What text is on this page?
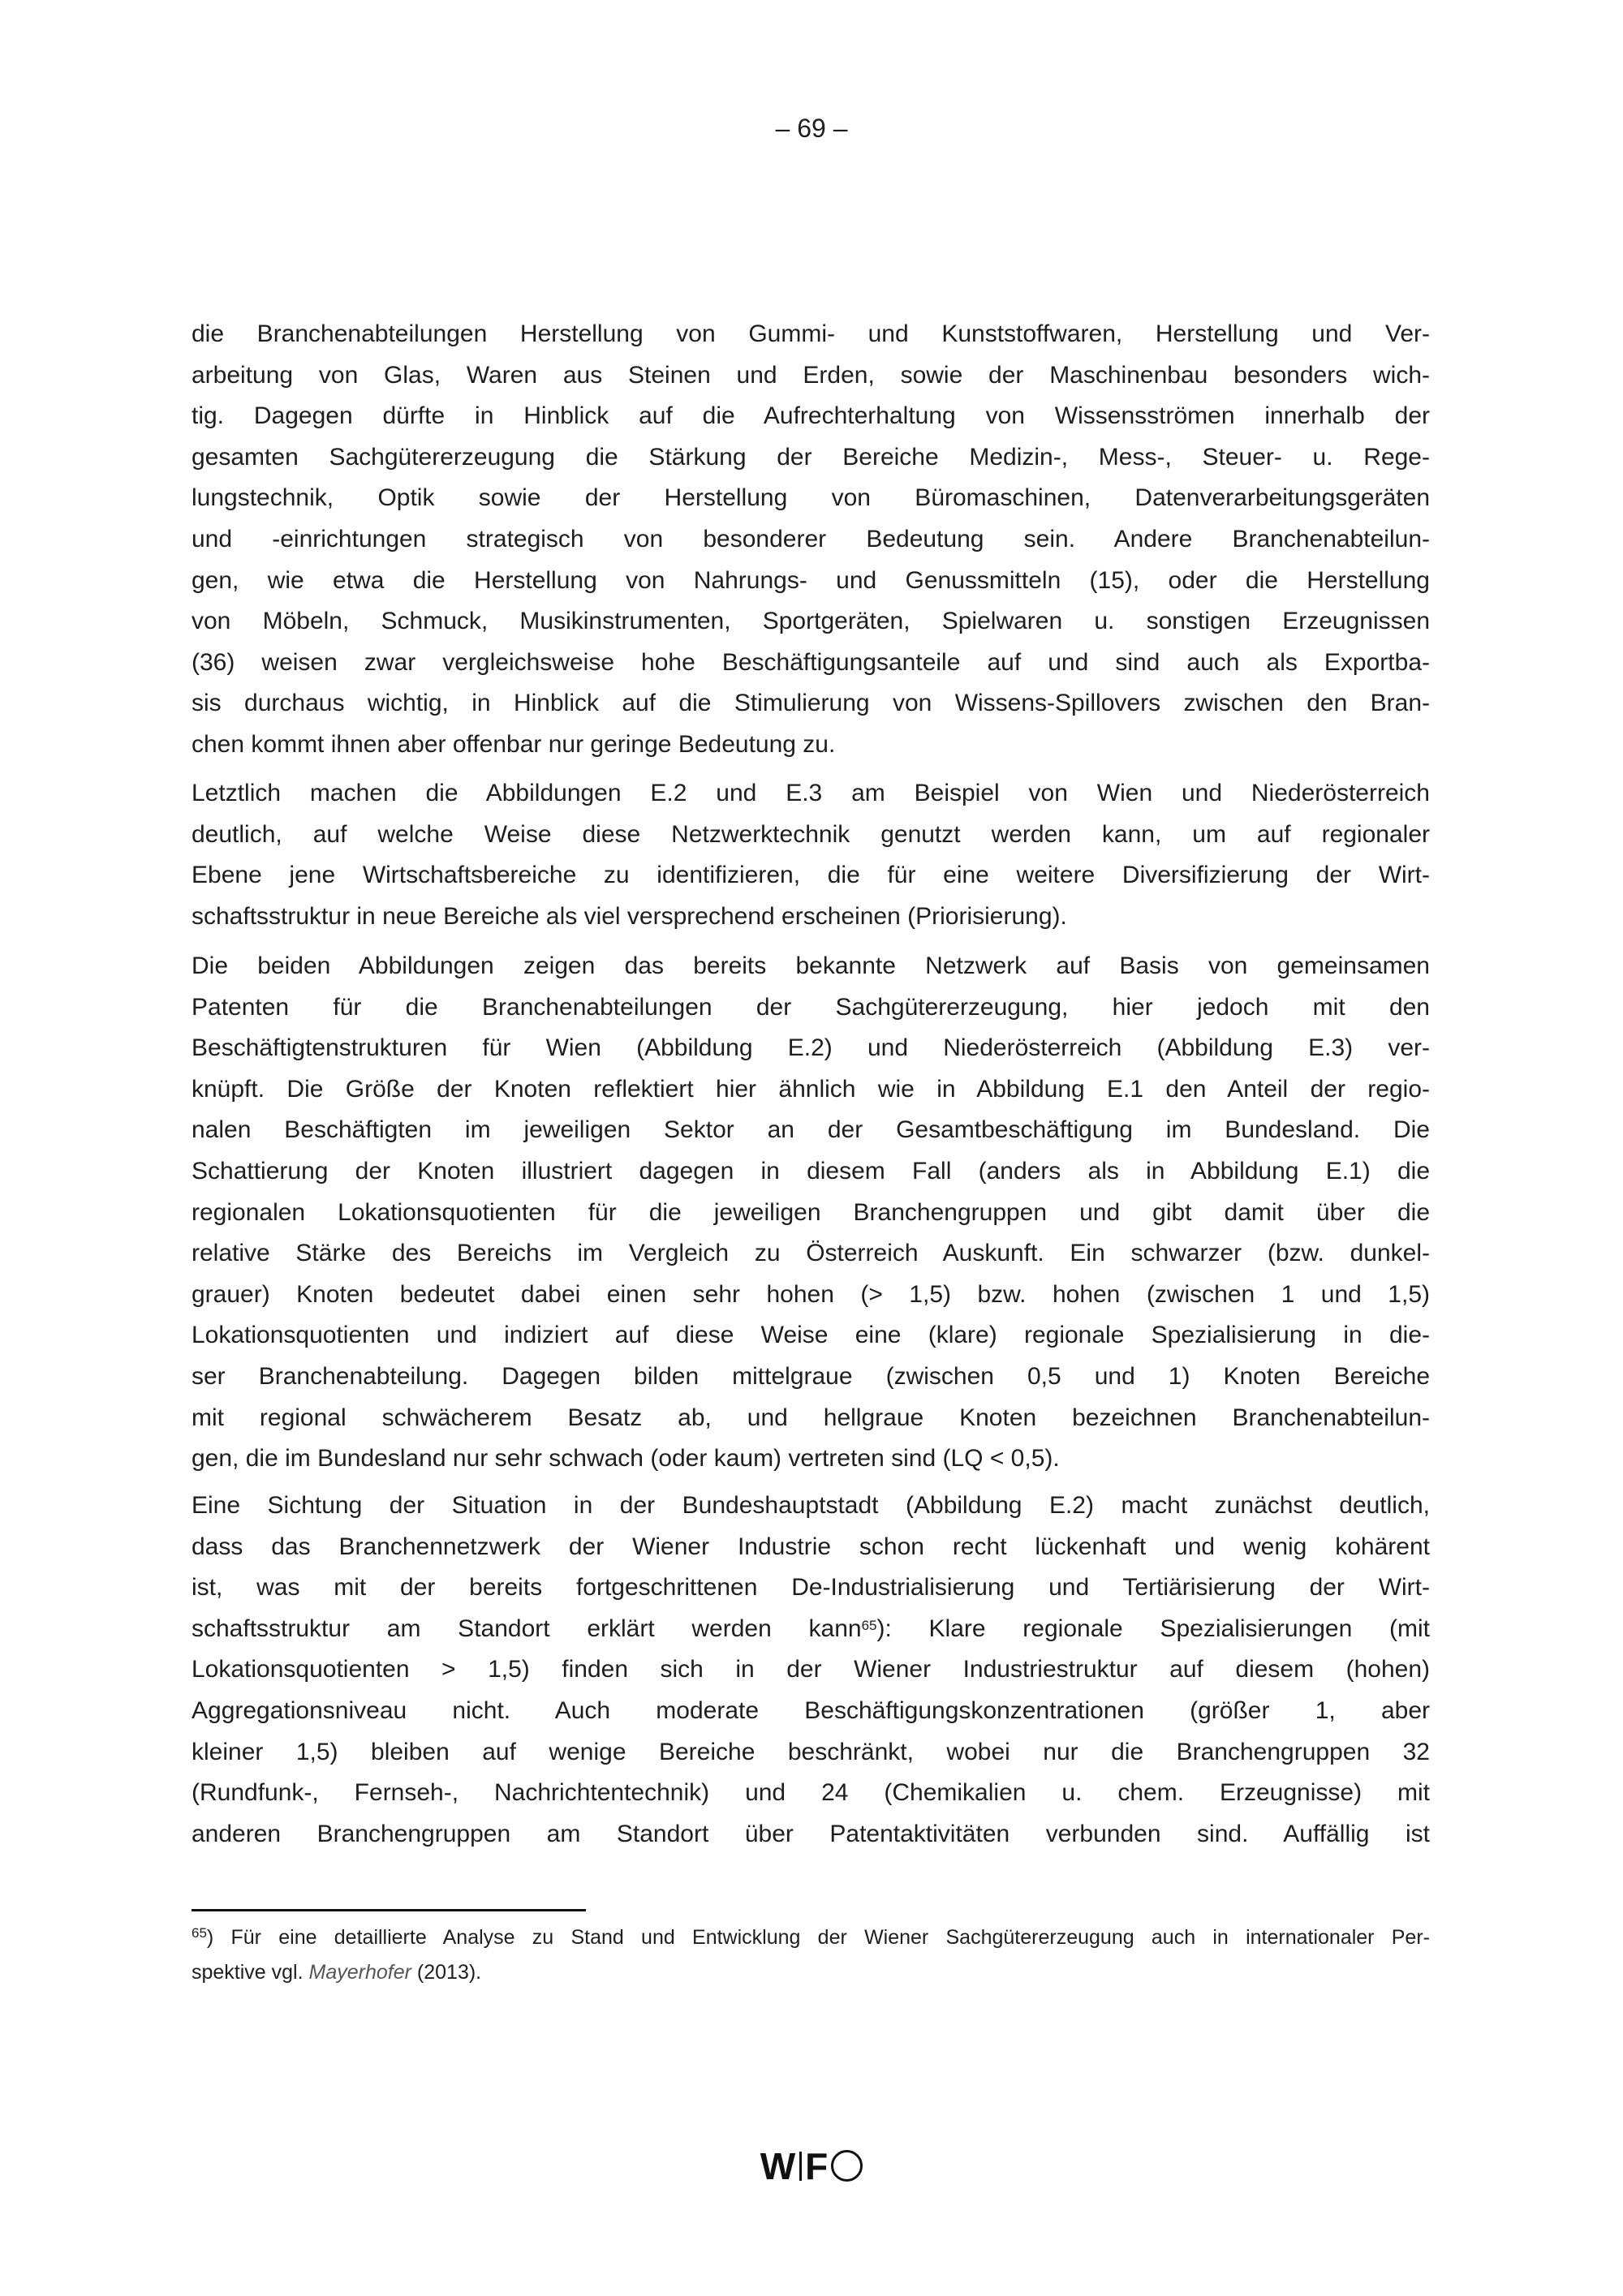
– 69 –
die Branchenabteilungen Herstellung von Gummi- und Kunststoffwaren, Herstellung und Ver-
arbeitung von Glas, Waren aus Steinen und Erden, sowie der Maschinenbau besonders wich-
tig. Dagegen dürfte in Hinblick auf die Aufrechterhaltung von Wissensströmen innerhalb der
gesamten Sachgütererzeugung die Stärkung der Bereiche Medizin-, Mess-, Steuer- u. Rege-
lungstechnik, Optik sowie der Herstellung von Büromaschinen, Datenverarbeitungsgeräten
und -einrichtungen strategisch von besonderer Bedeutung sein. Andere Branchenabteilun-
gen, wie etwa die Herstellung von Nahrungs- und Genussmitteln (15), oder die Herstellung
von Möbeln, Schmuck, Musikinstrumenten, Sportgeräten, Spielwaren u. sonstigen Erzeugnissen
(36) weisen zwar vergleichsweise hohe Beschäftigungsanteile auf und sind auch als Exportba-
sis durchaus wichtig, in Hinblick auf die Stimulierung von Wissens-Spillovers zwischen den Bran-
chen kommt ihnen aber offenbar nur geringe Bedeutung zu.
Letztlich machen die Abbildungen E.2 und E.3 am Beispiel von Wien und Niederösterreich
deutlich, auf welche Weise diese Netzwerktechnik genutzt werden kann, um auf regionaler
Ebene jene Wirtschaftsbereiche zu identifizieren, die für eine weitere Diversifizierung der Wirt-
schaftsstruktur in neue Bereiche als viel versprechend erscheinen (Priorisierung).
Die beiden Abbildungen zeigen das bereits bekannte Netzwerk auf Basis von gemeinsamen
Patenten für die Branchenabteilungen der Sachgütererzeugung, hier jedoch mit den
Beschäftigtenstrukturen für Wien (Abbildung E.2) und Niederösterreich (Abbildung E.3) ver-
knüpft. Die Größe der Knoten reflektiert hier ähnlich wie in Abbildung E.1 den Anteil der regio-
nalen Beschäftigten im jeweiligen Sektor an der Gesamtbeschäftigung im Bundesland. Die
Schattierung der Knoten illustriert dagegen in diesem Fall (anders als in Abbildung E.1) die
regionalen Lokationsquotienten für die jeweiligen Branchengruppen und gibt damit über die
relative Stärke des Bereichs im Vergleich zu Österreich Auskunft. Ein schwarzer (bzw. dunkel-
grauer) Knoten bedeutet dabei einen sehr hohen (> 1,5) bzw. hohen (zwischen 1 und 1,5)
Lokationsquotienten und indiziert auf diese Weise eine (klare) regionale Spezialisierung in die-
ser Branchenabteilung. Dagegen bilden mittelgraue (zwischen 0,5 und 1) Knoten Bereiche
mit regional schwächerem Besatz ab, und hellgraue Knoten bezeichnen Branchenabteilun-
gen, die im Bundesland nur sehr schwach (oder kaum) vertreten sind (LQ < 0,5).
Eine Sichtung der Situation in der Bundeshauptstadt (Abbildung E.2) macht zunächst deutlich,
dass das Branchennetzwerk der Wiener Industrie schon recht lückenhaft und wenig kohärent
ist, was mit der bereits fortgeschrittenen De-Industrialisierung und Tertiärisierung der Wirt-
schaftsstruktur am Standort erklärt werden kann$^{65}$): Klare regionale Spezialisierungen (mit
Lokationsquotienten > 1,5) finden sich in der Wiener Industriestruktur auf diesem (hohen)
Aggregationsniveau nicht. Auch moderate Beschäftigungskonzentrationen (größer 1, aber
kleiner 1,5) bleiben auf wenige Bereiche beschränkt, wobei nur die Branchengruppen 32
(Rundfunk-, Fernseh-, Nachrichtentechnik) und 24 (Chemikalien u. chem. Erzeugnisse) mit
anderen Branchengruppen am Standort über Patentaktivitäten verbunden sind. Auffällig ist
$^{65}$) Für eine detaillierte Analyse zu Stand und Entwicklung der Wiener Sachgütererzeugung auch in internationaler Per-
spektive vgl. Mayerhofer (2013).
W F
